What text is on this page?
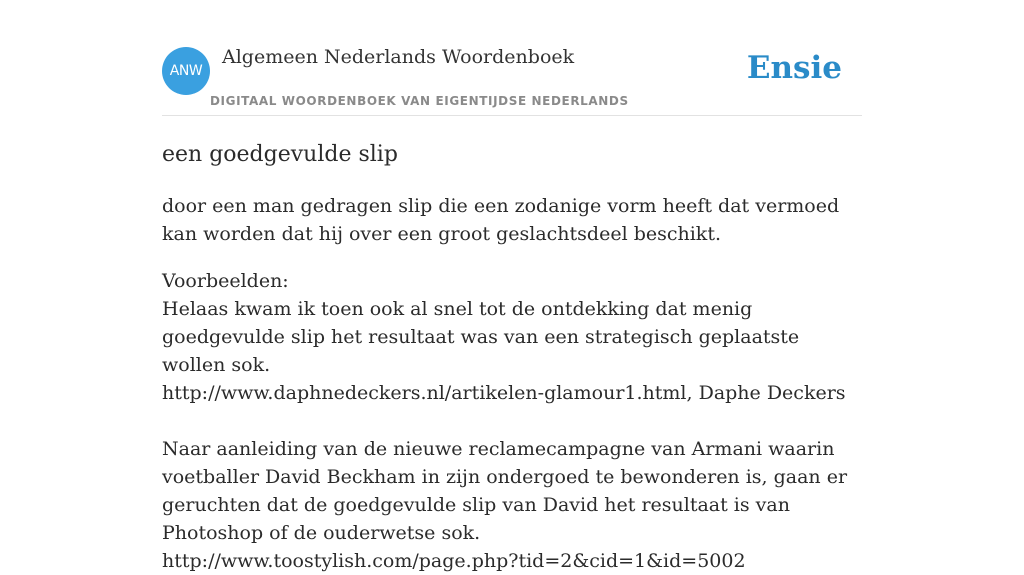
ANW
Algemeen Nederlands Woordenboek
DIGITAAL WOORDENBOEK VAN EIGENTIJDSE NEDERLANDS
Ensie
een goedgevulde slip

door een man gedragen slip die een zodanige vorm heeft dat vermoed kan worden dat hij over een groot geslachtsdeel beschikt.

Voorbeelden:
Helaas kwam ik toen ook al snel tot de ontdekking dat menig goedgevulde slip het resultaat was van een strategisch geplaatste wollen sok.
http://www.daphnedeckers.nl/artikelen-glamour1.html, Daphe Deckers
Naar aanleiding van de nieuwe reclamecampagne van Armani waarin voetballer David Beckham in zijn ondergoed te bewonderen is, gaan er geruchten dat de goedgevulde slip van David het resultaat is van Photoshop of de ouderwetse sok.
http://www.toostylish.com/page.php?tid=2&cid=1&id=5002
